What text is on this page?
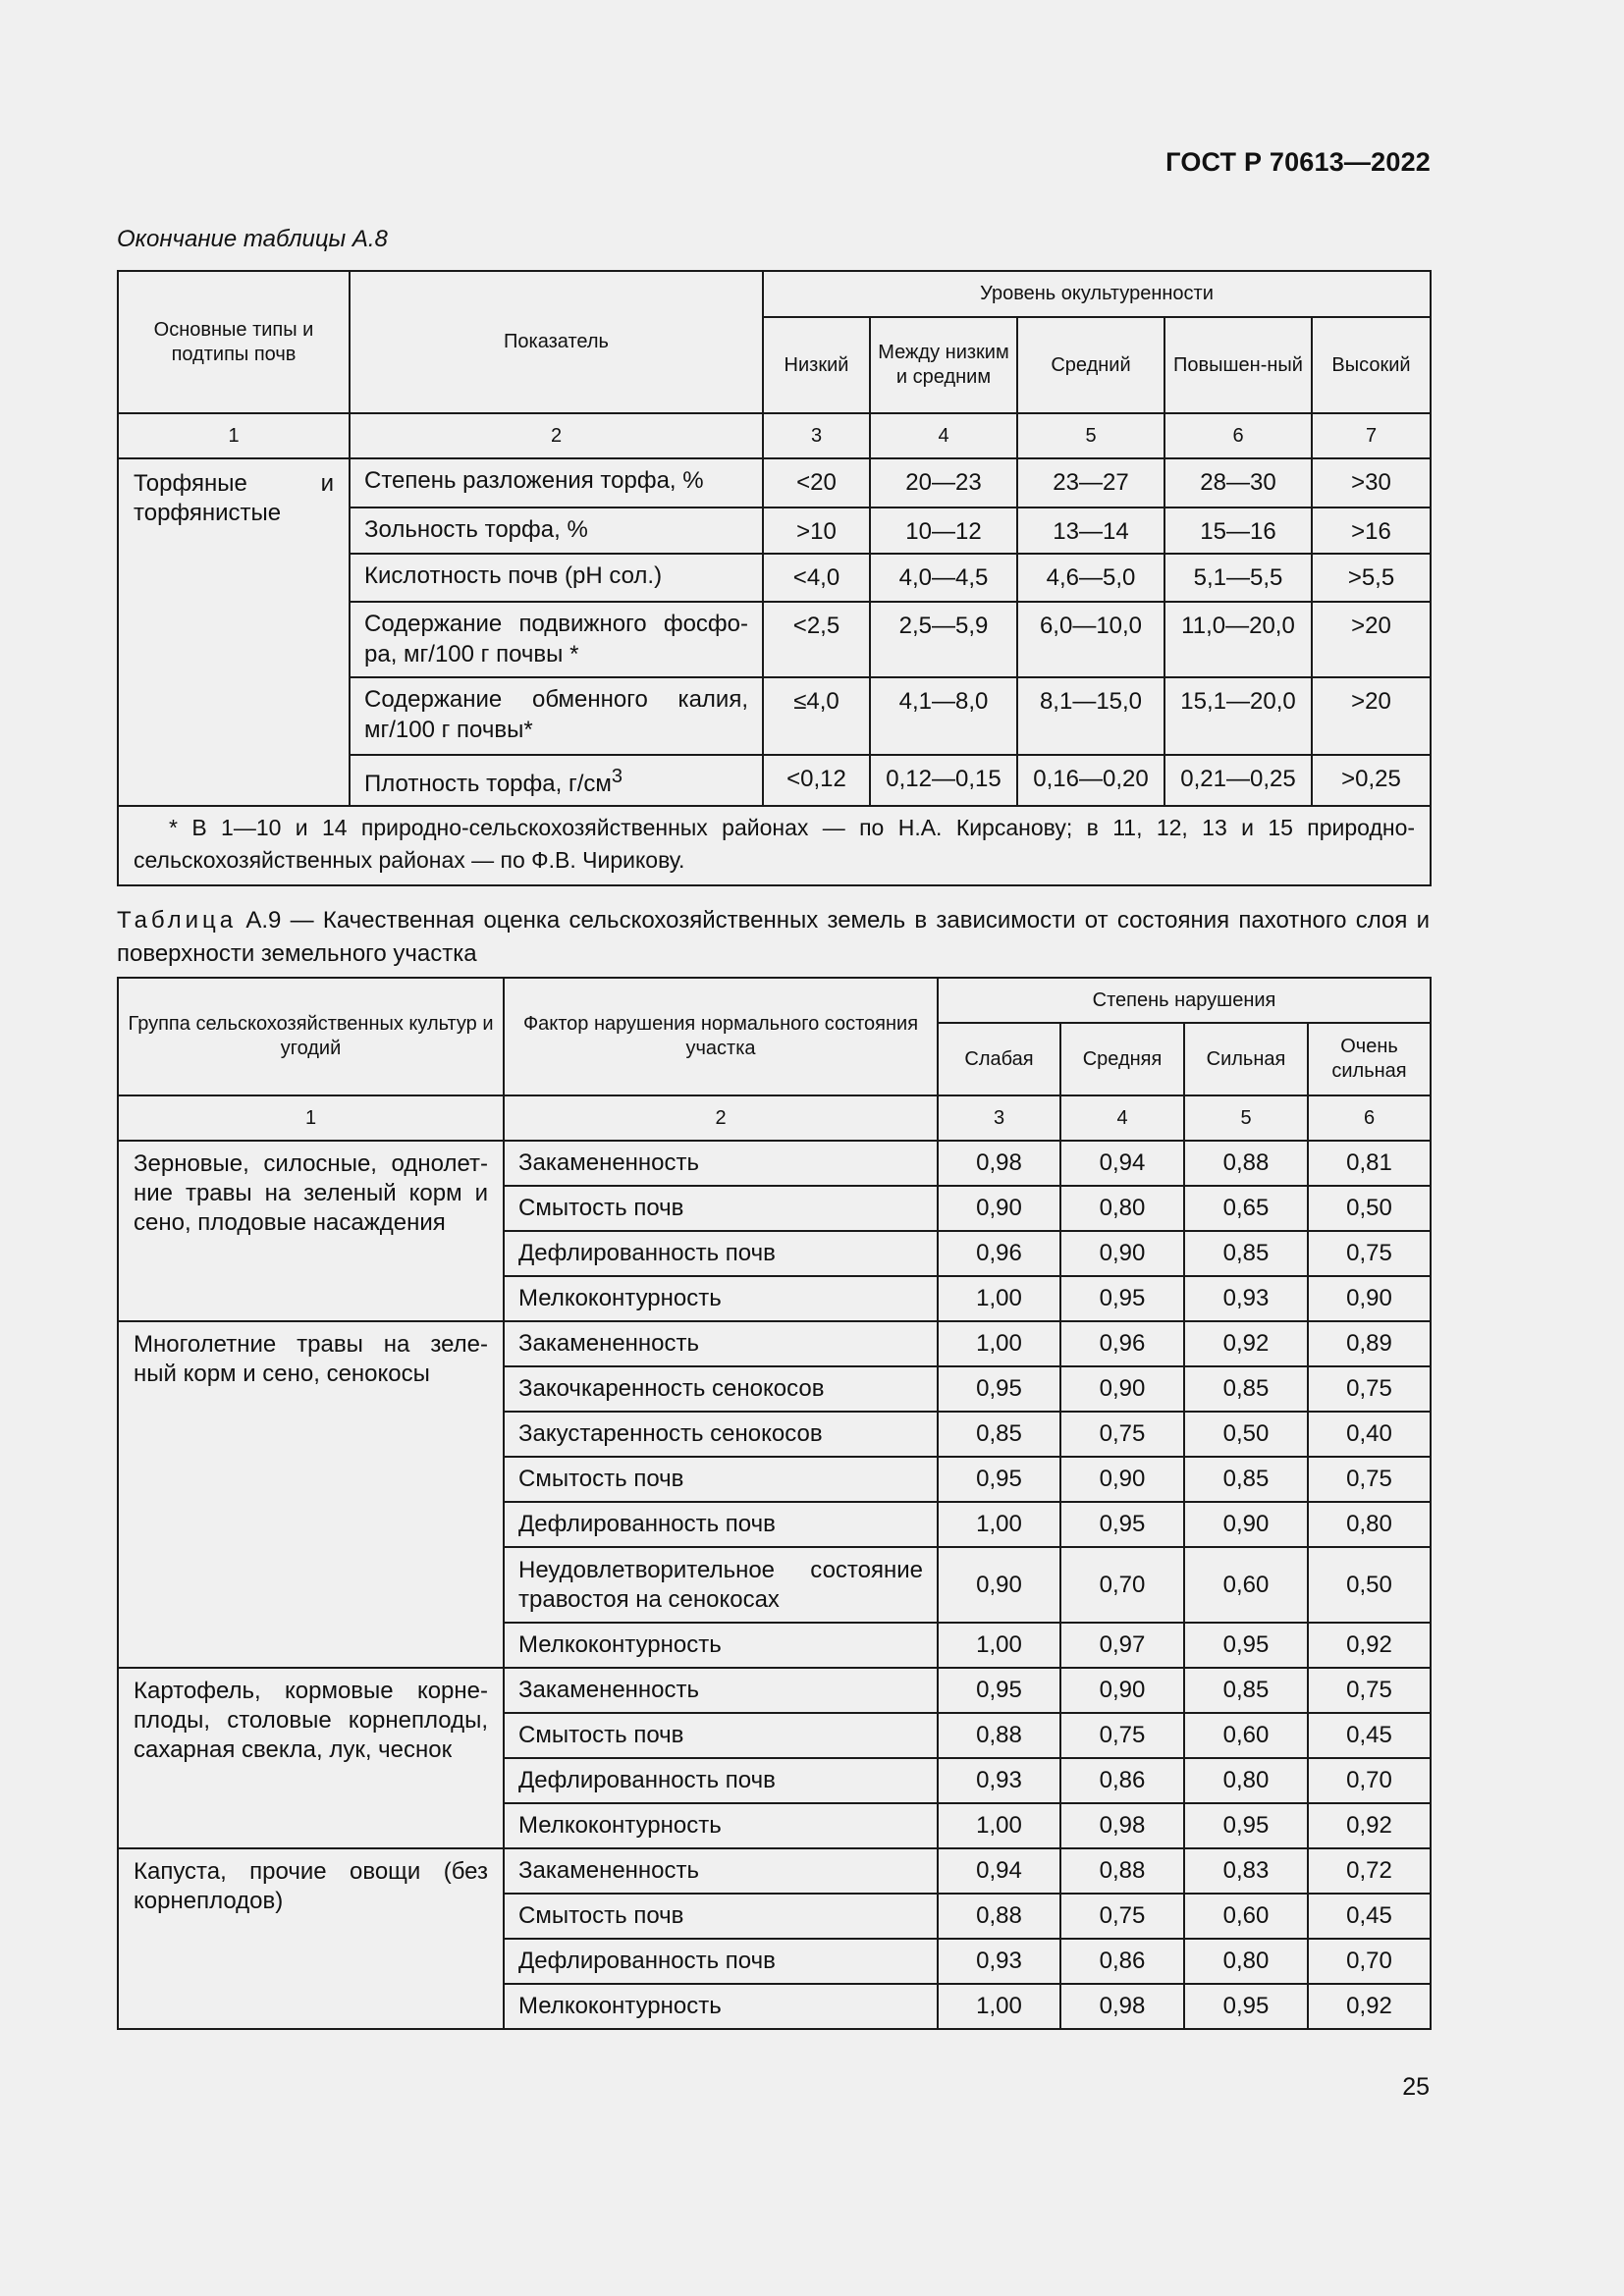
ГОСТ Р 70613—2022
Окончание таблицы А.8
Основные типы и подтипы почв	Показатель	Уровень окультуренности				
		Низкий	Между низким и средним	Средний	Повышен-ный	Высокий
1	2	3	4	5	6	7

Торфяные и
торфянистые	Степень разложения торфа, %	<20	20—23	23—27	28—30	>30
	Зольность торфа, %	>10	10—12	13—14	15—16	>16
	Кислотность почв (рН сол.)	<4,0	4,0—4,5	4,6—5,0	5,1—5,5	>5,5
	Содержание подвижного фосфо-ра, мг/100 г почвы *	<2,5	2,5—5,9	6,0—10,0	11,0—20,0	>20
	Содержание обменного калия, мг/100 г почвы*	≤4,0	4,1—8,0	8,1—15,0	15,1—20,0	>20
	Плотность торфа, $г/см^3$	<0,12	0,12—0,15	0,16—0,20	0,21—0,25	>0,25
* В 1—10 и 14 природно-сельскохозяйственных районах — по Н.А. Кирсанову; в 11, 12, 13 и 15 природно-сельскохозяйственных районах — по Ф.В. Чирикову.						
Таблица А.9 — Качественная оценка сельскохозяйственных земель в зависимости от состояния пахотного слоя и поверхности земельного участка
Группа сельскохозяйственных культур и угодий	Фактор нарушения нормального состояния участка	Степень нарушения			
		Слабая	Средняя	Сильная	Очень сильная
1	2	3	4	5	6
Зерновые, силосные, однолет-ние травы на зеленый корм и сено, плодовые насаждения	Закамененность	0,98	0,94	0,88	0,81
	Смытость почв	0,90	0,80	0,65	0,50
	Дефлированность почв	0,96	0,90	0,85	0,75
	Мелкоконтурность	1,00	0,95	0,93	0,90
Многолетние травы на зеле-ный корм и сено, сенокосы	Закамененность	1,00	0,96	0,92	0,89
	Закочкаренность сенокосов	0,95	0,90	0,85	0,75
	Закустаренность сенокосов	0,85	0,75	0,50	0,40
	Смытость почв	0,95	0,90	0,85	0,75
	Дефлированность почв	1,00	0,95	0,90	0,80
	Неудовлетворительное состояние травостоя на сенокосах	0,90	0,70	0,60	0,50
	Мелкоконтурность	1,00	0,97	0,95	0,92
Картофель, кормовые корне-плоды, столовые корнеплоды, сахарная свекла, лук, чеснок	Закамененность	0,95	0,90	0,85	0,75
	Смытость почв	0,88	0,75	0,60	0,45
	Дефлированность почв	0,93	0,86	0,80	0,70
	Мелкоконтурность	1,00	0,98	0,95	0,92
Капуста, прочие овощи (без корнеплодов)	Закамененность	0,94	0,88	0,83	0,72
	Смытость почв	0,88	0,75	0,60	0,45
	Дефлированность почв	0,93	0,86	0,80	0,70
	Мелкоконтурность	1,00	0,98	0,95	0,92
25
